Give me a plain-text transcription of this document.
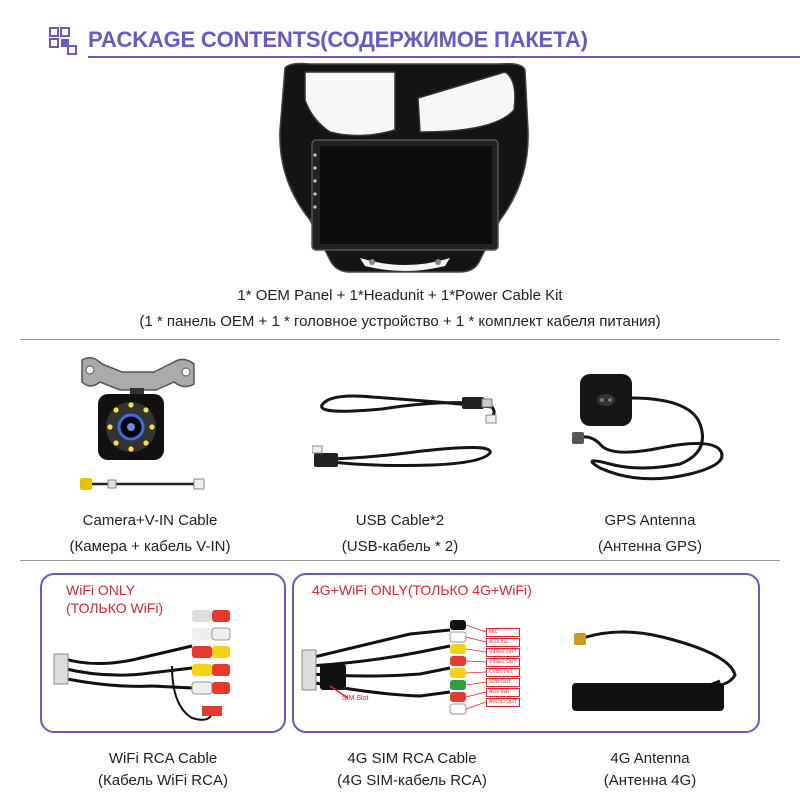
PACKAGE CONTENTS(СОДЕРЖИМОЕ ПАКЕТА)
1* OEM Panel + 1*Headunit + 1*Power Cable Kit
(1 * панель OEM + 1 * головное устройство + 1 * комплект кабеля питания)
Camera+V-IN Cable
(Камера + кабель V-IN)
USB Cable*2
(USB-кабель * 2)
GPS Antenna
(Антенна GPS)
WiFi ONLY
(ТОЛЬКО WiFi)
4G+WiFi ONLY(ТОЛЬКО 4G+WiFi)
MIC
AUX INL
VIDEO OUT
VIDEO OUT
CVBS IN 1
SUB OUT
AUX INR
AUDIO OUT
SIM Slot
WiFi RCA Cable
(Кабель WiFi RCA)
4G SIM RCA Cable
(4G SIM-кабель RCA)
4G Antenna
(Антенна 4G)
